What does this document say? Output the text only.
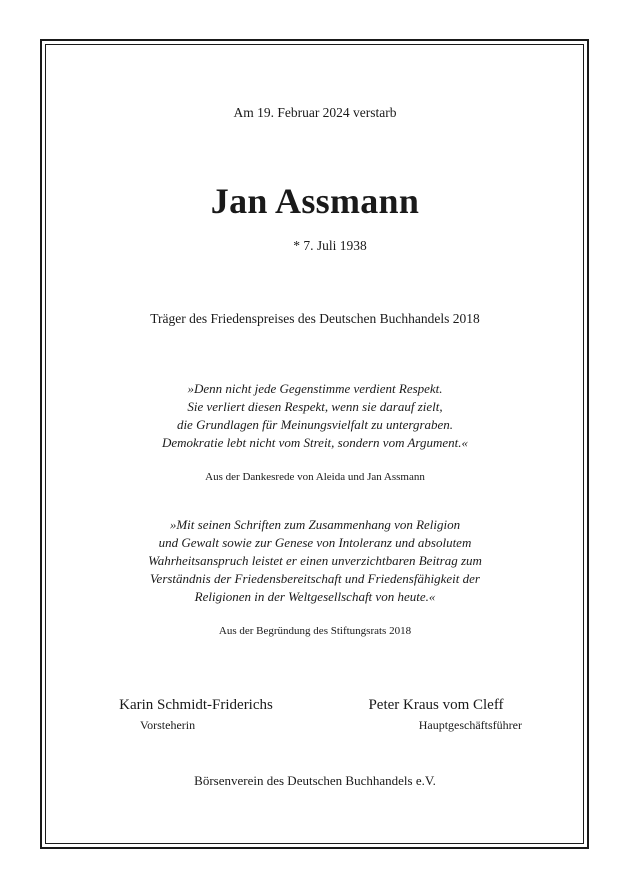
Am 19. Februar 2024 verstarb
Jan Assmann
* 7. Juli 1938
Träger des Friedenspreises des Deutschen Buchhandels 2018
»Denn nicht jede Gegenstimme verdient Respekt.
Sie verliert diesen Respekt, wenn sie darauf zielt,
die Grundlagen für Meinungsvielfalt zu untergraben.
Demokratie lebt nicht vom Streit, sondern vom Argument.«
Aus der Dankesrede von Aleida und Jan Assmann
»Mit seinen Schriften zum Zusammenhang von Religion
und Gewalt sowie zur Genese von Intoleranz und absolutem
Wahrheitsanspruch leistet er einen unverzichtbaren Beitrag zum
Verständnis der Friedensbereitschaft und Friedensfähigkeit der
Religionen in der Weltgesellschaft von heute.«
Aus der Begründung des Stiftungsrats 2018
Karin Schmidt-Friderichs
Vorsteherin
Peter Kraus vom Cleff
Hauptgeschäftsführer
Börsenverein des Deutschen Buchhandels e.V.
